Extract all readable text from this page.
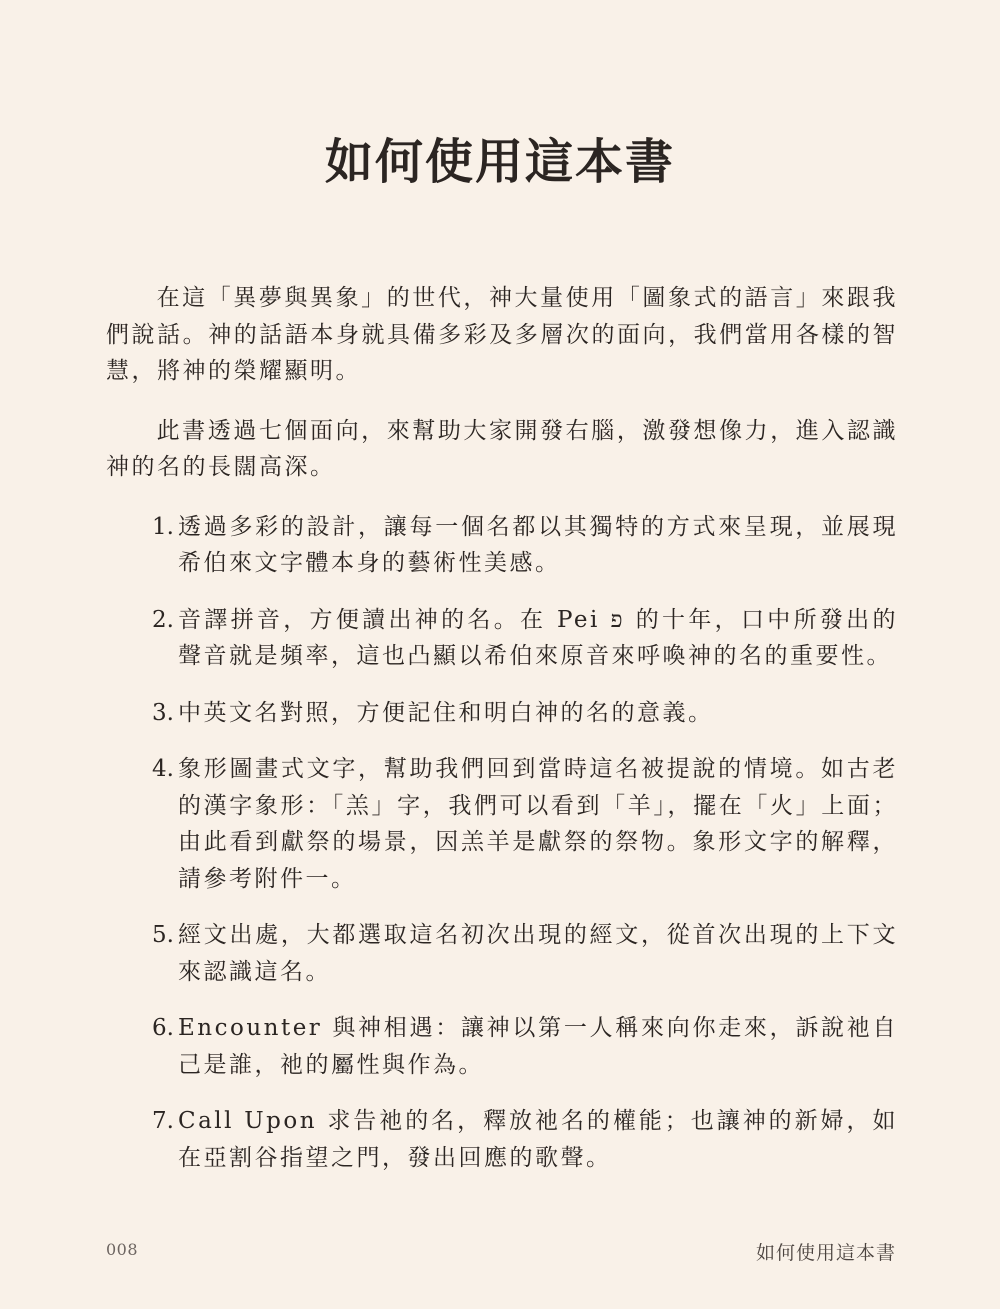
如何使用這本書

在這「異夢與異象」的世代，神大量使用「圖象式的語言」來跟我們說話。神的話語本身就具備多彩及多層次的面向，我們當用各樣的智慧，將神的榮耀顯明。

此書透過七個面向，來幫助大家開發右腦，激發想像力，進入認識神的名的長闊高深。

1. 透過多彩的設計，讓每一個名都以其獨特的方式來呈現，並展現希伯來文字體本身的藝術性美感。
2. 音譯拼音，方便讀出神的名。在 Pei פ 的十年，口中所發出的聲音就是頻率，這也凸顯以希伯來原音來呼喚神的名的重要性。
3. 中英文名對照，方便記住和明白神的名的意義。
4. 象形圖畫式文字，幫助我們回到當時這名被提說的情境。如古老的漢字象形：「羔」字，我們可以看到「羊」，擺在「火」上面；由此看到獻祭的場景，因羔羊是獻祭的祭物。象形文字的解釋，請參考附件一。
5. 經文出處，大都選取這名初次出現的經文，從首次出現的上下文來認識這名。
6. Encounter 與神相遇：讓神以第一人稱來向你走來，訴說祂自己是誰，祂的屬性與作為。
7. Call Upon 求告祂的名，釋放祂名的權能；也讓神的新婦，如在亞割谷指望之門，發出回應的歌聲。
008	如何使用這本書
